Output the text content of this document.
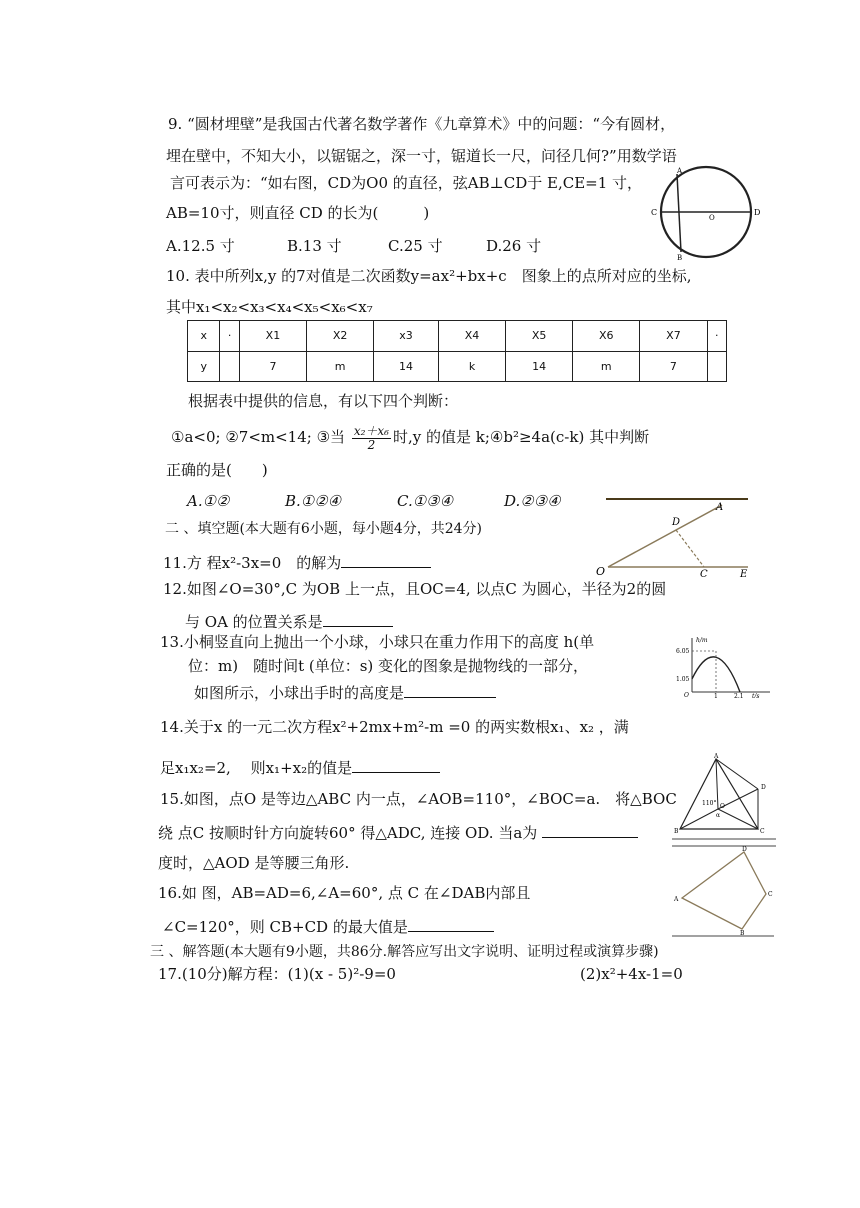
9. “圆材埋壁”是我国古代著名数学著作《九章算术》中的问题：“今有圆材，
埋在壁中，不知大小，以锯锯之，深一寸，锯道长一尺，问径几何?”用数学语
言可表示为：“如右图，CD为O0 的直径，弦AB⊥CD于 E,CE=1 寸，
AB=10寸，则直径 CD 的长为(　　　)
A.12.5 寸	B.13 寸	C.25 寸	D.26 寸
A
B
C	D
O
10. 表中所列x,y 的7对值是二次函数y=ax²+bx+c　图象上的点所对应的坐标,
其中x₁<x₂<x₃<x₄<x₅<x₆<x₇
x	·	X1	X2	x3	X4	X5	X6	X7	·
y		7	m	14	k	14	m	7	
根据表中提供的信息，有以下四个判断：
①a<0; ②7<m<14; ③当 $\frac{\text{x₂＋x₆}}{2}$ 时,y 的值是 k;④b²≥4a(c-k) 其中判断
正确的是(　　)
A.①②	B.①②④	C.①③④	D.②③④
二 、填空题(本大题有6小题，每小题4分，共24分)
11.方 程x²-3x=0　的解为	O
D
A
C	E
12.如图∠O=30°,C 为OB 上一点，且OC=4, 以点C 为圆心，半径为2的圆
与 OA 的位置关系是
13.小桐竖直向上抛出一个小球，小球只在重力作用下的高度 h(单
位：m)　随时间t (单位：s) 变化的图象是抛物线的一部分，
如图所示，小球出手时的高度是
h/m
6.05
1.05
O	1	2.1 t/s
14.关于x 的一元二次方程x²+2mx+m²-m =0 的两实数根x₁、x₂ ，满
足x₁x₂=2,　 则x₁+x₂的值是
A
B	C
D
O
110°
α
15.如图，点O 是等边△ABC 内一点，∠AOB=110°，∠BOC=a.　将△BOC
绕 点C 按顺时针方向旋转60° 得△ADC, 连接 OD. 当a为
度时，△AOD 是等腰三角形.
A
D
C
B
16.如 图，AB=AD=6,∠A=60°, 点 C 在∠DAB内部且
∠C=120°，则 CB+CD 的最大值是
三 、解答题(本大题有9小题，共86分.解答应写出文字说明、证明过程或演算步骤)
17.(10分)解方程：(1)(x - 5)²-9=0	(2)x²+4x-1=0
